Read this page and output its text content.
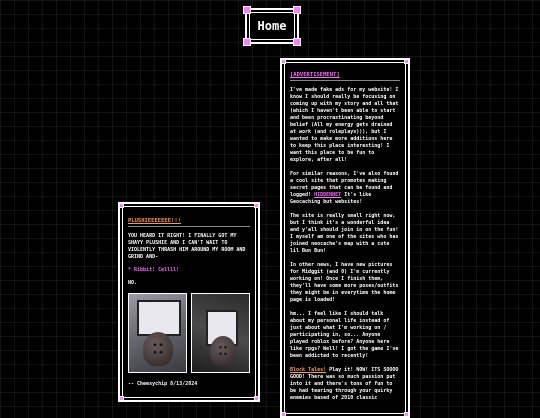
Home
[ADVERTISEMENT]

I've made fake ads for my website! I know I should really be focusing on coming up with my story and all that (which I haven't been able to start and been procrastinating beyond belief (All my energy gets drained at work (and roleplays))), but I wanted to make more additions here to keep this place interesting! I want this place to be fun to explore, after all!

For similar reasons, I've also found a cool site that promotes making secret pages that can be found and logged! HIDDENNET It's like Geocaching but websites!

The site is really small right now, but I think it's a wonderful idea and y'all should join in on the fun! I myself am one of the sites who has joined neocache's map with a cute lil Bun Bun!

In other news, I have new pictures for Midggit (and 0) I'm currently working on! Once I finish them, they'll have some more poses/outfits they might be in everytime the home page is loaded!

hm... I feel like I should talk about my personal life instead of just about what I'm working on / participating in, so... Anyone played roblox before? Anyone here like rpgs? Well! I got the game I've been addicted to recently!

Block Tales! Play it! NOW! ITS SOOOO GOOD! There was so much passion put into it and there's tons of fun to be had tearing through your quirky enemies based of 2010 classic

PLUSHIEEEEEEE!!!

YOU HEARD IT RIGHT! I FINALLY GOT MY SHAYY PLUSHIE AND I CAN'T WAIT TO VIOLENTLY THRASH HIM AROUND MY ROOM AND GRIND AND-

* Ribbit! Cellll!

NO.

-- Cheesychip 8/13/2024
